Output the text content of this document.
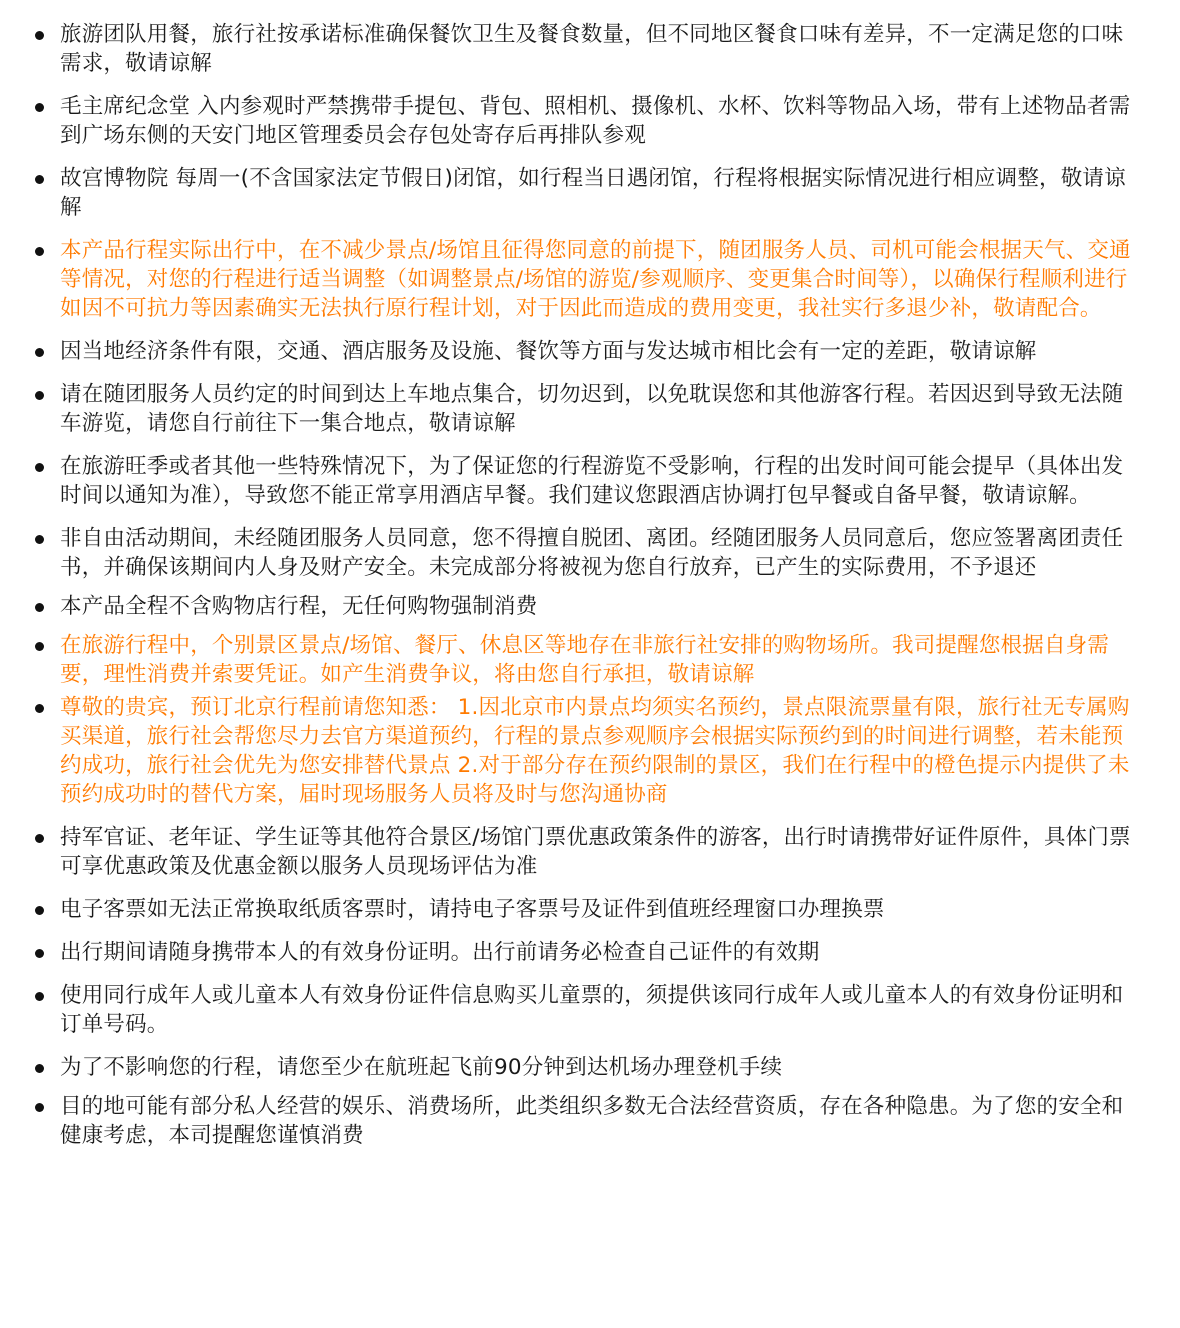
旅游团队用餐，旅行社按承诺标准确保餐饮卫生及餐食数量，但不同地区餐食口味有差异，不一定满足您的口味需求，敬请谅解
毛主席纪念堂 入内参观时严禁携带手提包、背包、照相机、摄像机、水杯、饮料等物品入场，带有上述物品者需到广场东侧的天安门地区管理委员会存包处寄存后再排队参观
故宫博物院 每周一(不含国家法定节假日)闭馆，如行程当日遇闭馆，行程将根据实际情况进行相应调整，敬请谅解
本产品行程实际出行中，在不减少景点/场馆且征得您同意的前提下，随团服务人员、司机可能会根据天气、交通等情况，对您的行程进行适当调整（如调整景点/场馆的游览/参观顺序、变更集合时间等），以确保行程顺利进行如因不可抗力等因素确实无法执行原行程计划，对于因此而造成的费用变更，我社实行多退少补，敬请配合。
因当地经济条件有限，交通、酒店服务及设施、餐饮等方面与发达城市相比会有一定的差距，敬请谅解
请在随团服务人员约定的时间到达上车地点集合，切勿迟到，以免耽误您和其他游客行程。若因迟到导致无法随车游览，请您自行前往下一集合地点，敬请谅解
在旅游旺季或者其他一些特殊情况下，为了保证您的行程游览不受影响，行程的出发时间可能会提早（具体出发时间以通知为准），导致您不能正常享用酒店早餐。我们建议您跟酒店协调打包早餐或自备早餐，敬请谅解。
非自由活动期间，未经随团服务人员同意，您不得擅自脱团、离团。经随团服务人员同意后，您应签署离团责任书，并确保该期间内人身及财产安全。未完成部分将被视为您自行放弃，已产生的实际费用，不予退还
本产品全程不含购物店行程，无任何购物强制消费
在旅游行程中，个别景区景点/场馆、餐厅、休息区等地存在非旅行社安排的购物场所。我司提醒您根据自身需要，理性消费并索要凭证。如产生消费争议，将由您自行承担，敬请谅解
尊敬的贵宾，预订北京行程前请您知悉： 1.因北京市内景点均须实名预约，景点限流票量有限，旅行社无专属购买渠道，旅行社会帮您尽力去官方渠道预约，行程的景点参观顺序会根据实际预约到的时间进行调整，若未能预约成功，旅行社会优先为您安排替代景点 2.对于部分存在预约限制的景区，我们在行程中的橙色提示内提供了未预约成功时的替代方案，届时现场服务人员将及时与您沟通协商
持军官证、老年证、学生证等其他符合景区/场馆门票优惠政策条件的游客，出行时请携带好证件原件，具体门票可享优惠政策及优惠金额以服务人员现场评估为准
电子客票如无法正常换取纸质客票时，请持电子客票号及证件到值班经理窗口办理换票
出行期间请随身携带本人的有效身份证明。出行前请务必检查自己证件的有效期
使用同行成年人或儿童本人有效身份证件信息购买儿童票的，须提供该同行成年人或儿童本人的有效身份证明和订单号码。
为了不影响您的行程，请您至少在航班起飞前90分钟到达机场办理登机手续
目的地可能有部分私人经营的娱乐、消费场所，此类组织多数无合法经营资质，存在各种隐患。为了您的安全和健康考虑，本司提醒您谨慎消费
